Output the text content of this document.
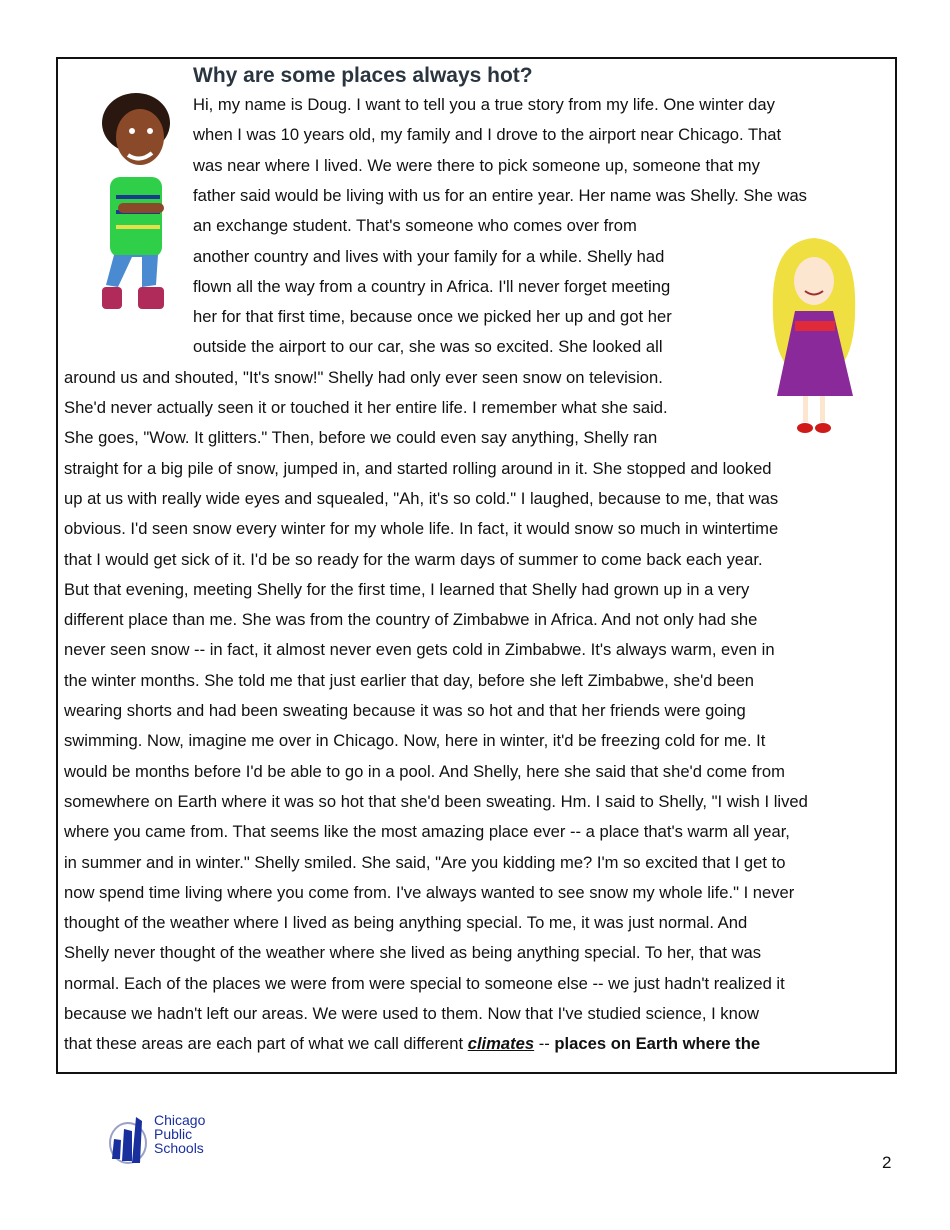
Why are some places always hot?
Hi, my name is Doug. I want to tell you a true story from my life. One winter day
when I was 10 years old, my family and I drove to the airport near Chicago. That
was near where I lived. We were there to pick someone up, someone that my
father said would be living with us for an entire year. Her name was Shelly. She was
an exchange student. That's someone who comes over from
another country and lives with your family for a while. Shelly had
flown all the way from a country in Africa. I'll never forget meeting
her for that first time, because once we picked her up and got her
outside the airport to our car, she was so excited. She looked all
around us and shouted, "It's snow!" Shelly had only ever seen snow on television.
She'd never actually seen it or touched it her entire life. I remember what she said.
She goes, "Wow. It glitters." Then, before we could even say anything, Shelly ran
straight for a big pile of snow, jumped in, and started rolling around in it. She stopped and looked
up at us with really wide eyes and squealed, "Ah, it's so cold." I laughed, because to me, that was
obvious. I'd seen snow every winter for my whole life. In fact, it would snow so much in wintertime
that I would get sick of it. I'd be so ready for the warm days of summer to come back each year.
But that evening, meeting Shelly for the first time, I learned that Shelly had grown up in a very
different place than me. She was from the country of Zimbabwe in Africa. And not only had she
never seen snow -- in fact, it almost never even gets cold in Zimbabwe. It's always warm, even in
the winter months. She told me that just earlier that day, before she left Zimbabwe, she'd been
wearing shorts and had been sweating because it was so hot and that her friends were going
swimming. Now, imagine me over in Chicago. Now, here in winter, it'd be freezing cold for me. It
would be months before I'd be able to go in a pool. And Shelly, here she said that she'd come from
somewhere on Earth where it was so hot that she'd been sweating. Hm. I said to Shelly, "I wish I lived
where you came from. That seems like the most amazing place ever -- a place that's warm all year,
in summer and in winter." Shelly smiled. She said, "Are you kidding me? I'm so excited that I get to
now spend time living where you come from. I've always wanted to see snow my whole life." I never
thought of the weather where I lived as being anything special. To me, it was just normal. And
Shelly never thought of the weather where she lived as being anything special. To her, that was
normal. Each of the places we were from were special to someone else -- we just hadn't realized it
because we hadn't left our areas. We were used to them. Now that I've studied science, I know
that these areas are each part of what we call different climates -- places on Earth where the
Chicago
Public
Schools
2
